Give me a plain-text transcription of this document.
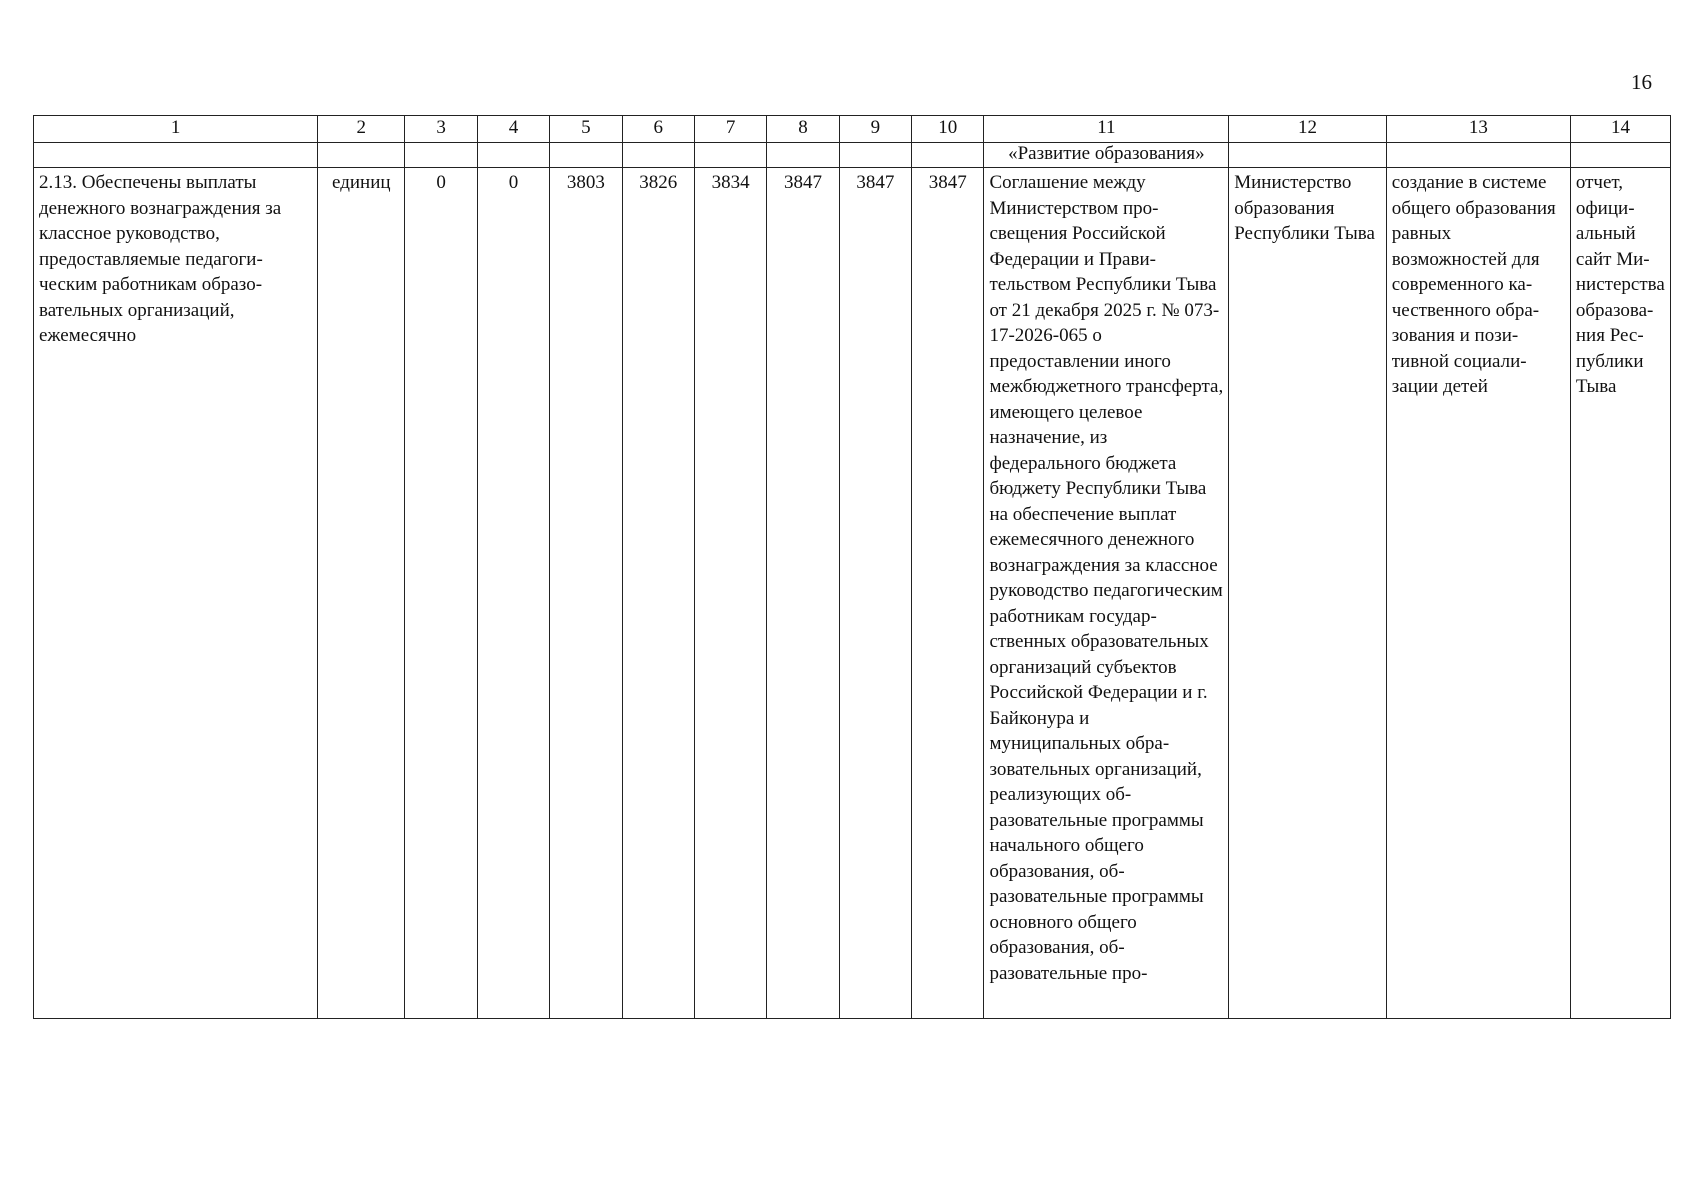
16
1	2	3	4	5	6	7	8	9	10	11	12	13	14
										«Развитие образования»			
2.13. Обеспечены выплаты денежного вознаграждения за классное руководство, предоставляемые педагогическим работникам образовательных организаций, ежемесячно	единиц	0	0	3803	3826	3834	3847	3847	3847	Соглашение между Министерством просвещения Российской Федерации и Правительством Республики Тыва от 21 декабря 2025 г. № 073-17-2026-065 о предоставлении иного межбюджетного трансферта, имеющего целевое назначение, из федерального бюджета бюджету Республики Тыва на обеспечение выплат ежемесячного денежного вознаграждения за классное руководство педагогическим работникам государственных образовательных организаций субъектов Российской Федерации и г. Байконура и муниципальных образовательных организаций, реализующих образовательные программы начального общего образования, образовательные программы основного общего образования, образовательные про-	Министерство образования Республики Тыва	создание в системе общего образования равных возможностей для современного качественного образования и позитивной социализации детей	отчет, официальный сайт Министерства образования Республики Тыва
